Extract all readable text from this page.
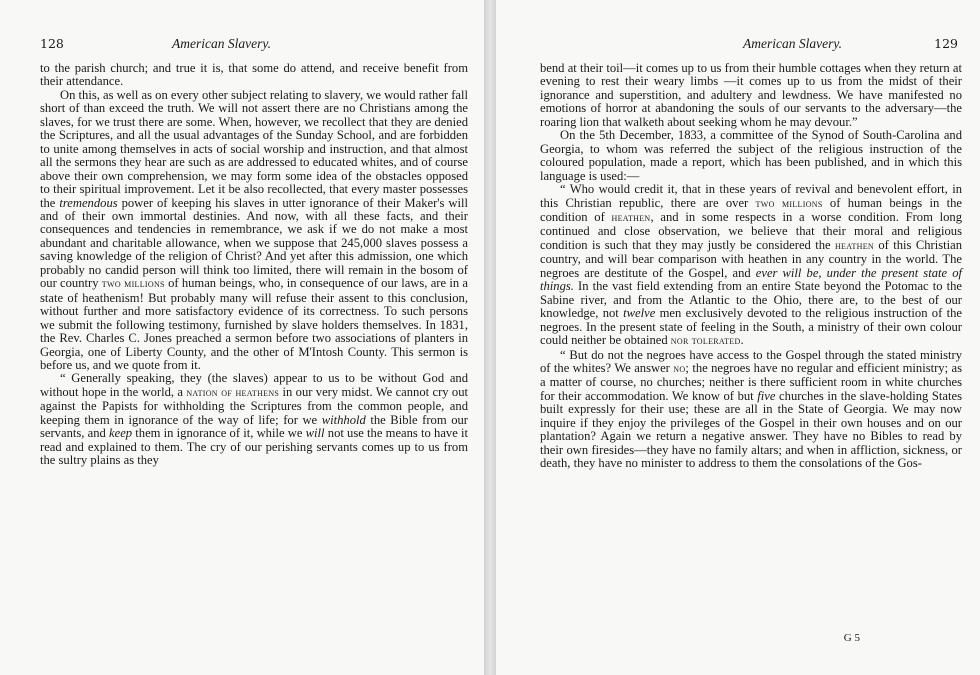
128	American Slavery.

to the parish church; and true it is, that some do attend, and receive benefit from their attendance.

On this, as well as on every other subject relating to slavery, we would rather fall short of than exceed the truth. We will not assert there are no Christians among the slaves, for we trust there are some. When, however, we recollect that they are denied the Scriptures, and all the usual advantages of the Sunday School, and are forbidden to unite among themselves in acts of social worship and instruction, and that almost all the sermons they hear are such as are addressed to educated whites, and of course above their own comprehension, we may form some idea of the obstacles opposed to their spiritual improvement. Let it be also recollected, that every master possesses the tremendous power of keeping his slaves in utter ignorance of their Maker's will and of their own immortal destinies. And now, with all these facts, and their consequences and tendencies in remembrance, we ask if we do not make a most abundant and charitable allowance, when we suppose that 245,000 slaves possess a saving knowledge of the religion of Christ? And yet after this admission, one which probably no candid person will think too limited, there will remain in the bosom of our country two millions of human beings, who, in consequence of our laws, are in a state of heathenism! But probably many will refuse their assent to this conclusion, without further and more satisfactory evidence of its correctness. To such persons we submit the following testimony, furnished by slave holders themselves. In 1831, the Rev. Charles C. Jones preached a sermon before two associations of planters in Georgia, one of Liberty County, and the other of M'Intosh County. This sermon is before us, and we quote from it.

“ Generally speaking, they (the slaves) appear to us to be without God and without hope in the world, a nation of heathens in our very midst. We cannot cry out against the Papists for withholding the Scriptures from the common people, and keeping them in ignorance of the way of life; for we withhold the Bible from our servants, and keep them in ignorance of it, while we will not use the means to have it read and explained to them. The cry of our perishing servants comes up to us from the sultry plains as they

American Slavery.	129

bend at their toil—it comes up to us from their humble cottages when they return at evening to rest their weary limbs —it comes up to us from the midst of their ignorance and superstition, and adultery and lewdness. We have manifested no emotions of horror at abandoning the souls of our servants to the adversary—the roaring lion that walketh about seeking whom he may devour.”

On the 5th December, 1833, a committee of the Synod of South-Carolina and Georgia, to whom was referred the subject of the religious instruction of the coloured population, made a report, which has been published, and in which this language is used:—

“ Who would credit it, that in these years of revival and benevolent effort, in this Christian republic, there are over two millions of human beings in the condition of heathen, and in some respects in a worse condition. From long continued and close observation, we believe that their moral and religious condition is such that they may justly be considered the heathen of this Christian country, and will bear comparison with heathen in any country in the world. The negroes are destitute of the Gospel, and ever will be, under the present state of things. In the vast field extending from an entire State beyond the Potomac to the Sabine river, and from the Atlantic to the Ohio, there are, to the best of our knowledge, not twelve men exclusively devoted to the religious instruction of the negroes. In the present state of feeling in the South, a ministry of their own colour could neither be obtained nor tolerated.

“ But do not the negroes have access to the Gospel through the stated ministry of the whites? We answer no; the negroes have no regular and efficient ministry; as a matter of course, no churches; neither is there sufficient room in white churches for their accommodation. We know of but five churches in the slave-holding States built expressly for their use; these are all in the State of Georgia. We may now inquire if they enjoy the privileges of the Gospel in their own houses and on our plantation? Again we return a negative answer. They have no Bibles to read by their own firesides—they have no family altars; and when in affliction, sickness, or death, they have no minister to address to them the consolations of the Gos-

G 5
